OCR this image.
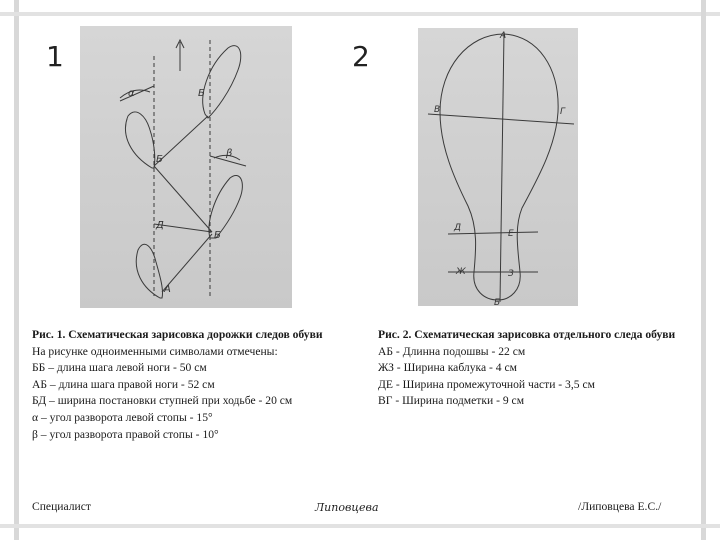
1	2
α
β
Б
Б
Д
Б
А
А
В	Г
Д
Е
Ж	З
Б
Рис. 1. Схематическая зарисовка дорожки следов обуви
На рисунке одноименными символами отмечены:
ББ – длина шага левой ноги - 50 см
АБ – длина шага правой ноги - 52 см
БД – ширина постановки ступней при ходьбе - 20 см
α – угол разворота левой стопы - 15°
β – угол разворота правой стопы - 10°
Рис. 2. Схематическая зарисовка отдельного следа обуви
АБ - Длинна подошвы - 22 см
ЖЗ - Ширина каблука - 4 см
ДЕ - Ширина промежуточной части - 3,5 см
ВГ - Ширина подметки - 9 см
Специалист	Липовцева	/Липовцева Е.С./
